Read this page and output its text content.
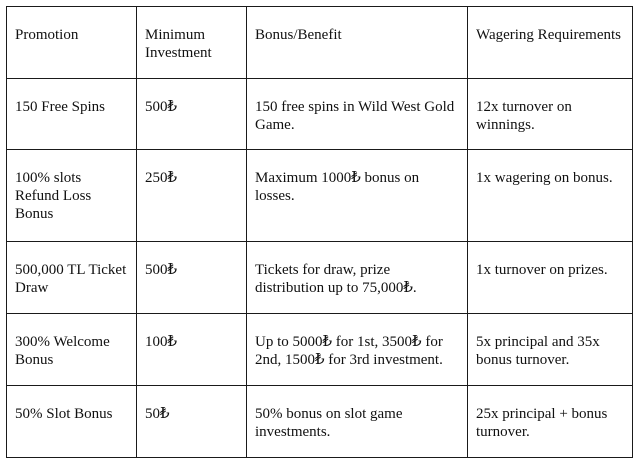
Promotion	Minimum Investment	Bonus/Benefit	Wagering Requirements
150 Free Spins	500₺	150 free spins in Wild West Gold Game.	12x turnover on winnings.
100% slots Refund Loss Bonus	250₺	Maximum 1000₺ bonus on losses.	1x wagering on bonus.
500,000 TL Ticket Draw	500₺	Tickets for draw, prize distribution up to 75,000₺.	1x turnover on prizes.
300% Welcome Bonus	100₺	Up to 5000₺ for 1st, 3500₺ for 2nd, 1500₺ for 3rd investment.	5x principal and 35x bonus turnover.
50% Slot Bonus	50₺	50% bonus on slot game investments.	25x principal + bonus turnover.
